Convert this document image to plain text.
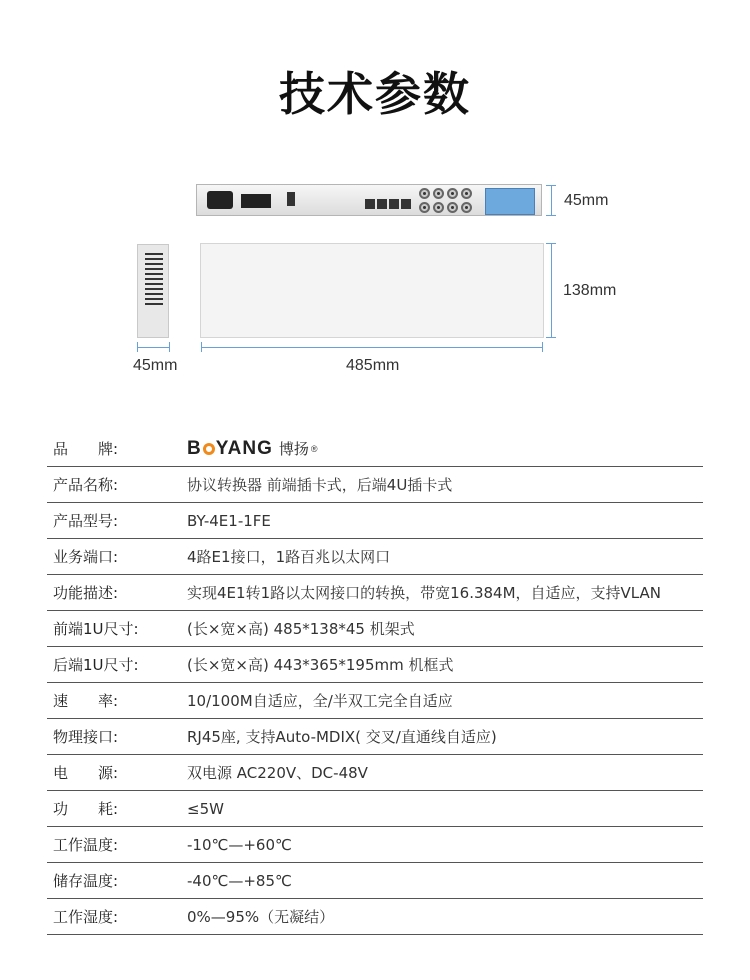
技术参数
45mm
138mm
45mm	485mm
品　　牌:	B YANG 博扬 ®

产品名称:	协议转换器 前端插卡式，后端4U插卡式
产品型号:	BY-4E1-1FE
业务端口:	4路E1接口，1路百兆以太网口
功能描述:	实现4E1转1路以太网接口的转换，带宽16.384M，自适应，支持VLAN
前端1U尺寸:	(长×宽×高) 485*138*45 机架式
后端1U尺寸:	(长×宽×高) 443*365*195mm 机框式
速　　率:	10/100M自适应，全/半双工完全自适应
物理接口:	RJ45座, 支持Auto-MDIX( 交叉/直通线自适应)
电　　源:	双电源 AC220V、DC-48V
功　　耗:	≤5W
工作温度:	-10℃—+60℃
储存温度:	-40℃—+85℃
工作湿度:	0%—95%（无凝结）
